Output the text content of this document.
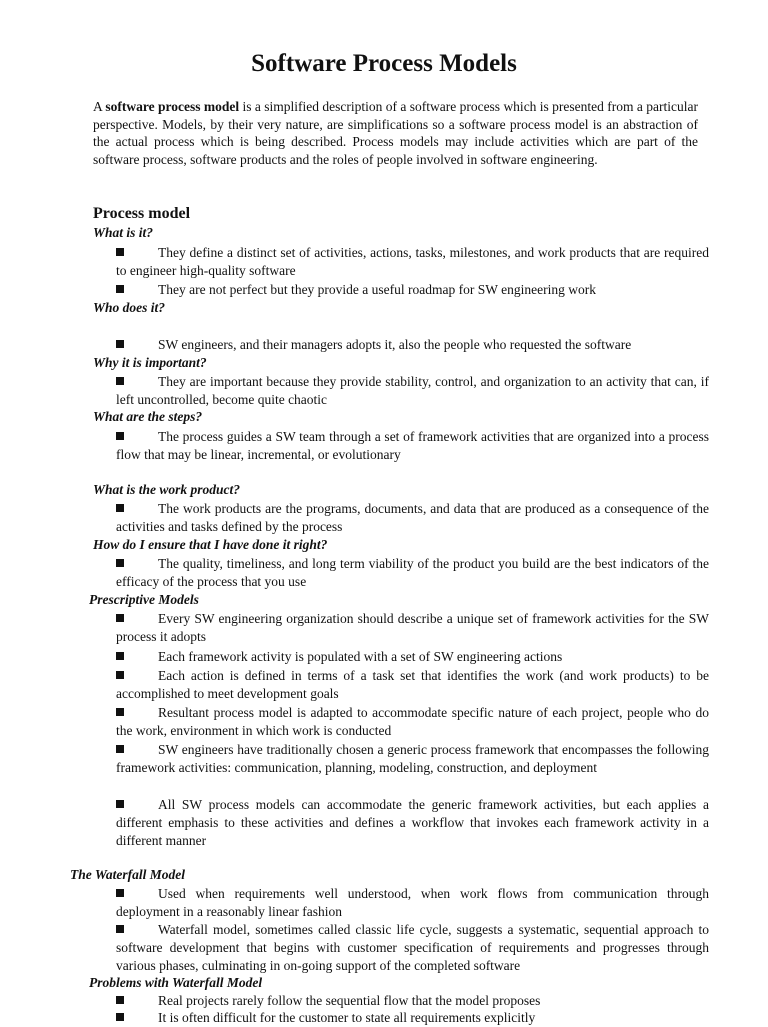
Software Process Models

A software process model is a simplified description of a software process which is presented from a particular perspective. Models, by their very nature, are simplifications so a software process model is an abstraction of the actual process which is being described. Process models may include activities which are part of the software process, software products and the roles of people involved in software engineering.

Process model

What is it?

They define a distinct set of activities, actions, tasks, milestones, and work products that are required to engineer high-quality software

They are not perfect but they provide a useful roadmap for SW engineering work

Who does it?

SW engineers, and their managers adopts it, also the people who requested the software

Why it is important?

They are important because they provide stability, control, and organization to an activity that can, if left uncontrolled, become quite chaotic

What are the steps?

The process guides a SW team through a set of framework activities that are organized into a process flow that may be linear, incremental, or evolutionary

What is the work product?

The work products are the programs, documents, and data that are produced as a consequence of the activities and tasks defined by the process

How do I ensure that I have done it right?

The quality, timeliness, and long term viability of the product you build are the best indicators of the efficacy of the process that you use

Prescriptive Models

Every SW engineering organization should describe a unique set of framework activities for the SW process it adopts

Each framework activity is populated with a set of SW engineering actions

Each action is defined in terms of a task set that identifies the work (and work products) to be accomplished to meet development goals

Resultant process model is adapted to accommodate specific nature of each project, people who do the work, environment in which work is conducted

SW engineers have traditionally chosen a generic process framework that encompasses the following framework activities: communication, planning, modeling, construction, and deployment

All SW process models can accommodate the generic framework activities, but each applies a different emphasis to these activities and defines a workflow that invokes each framework activity in a different manner

The Waterfall Model

Used when requirements well understood, when work flows from communication through deployment in a reasonably linear fashion

Waterfall model, sometimes called classic life cycle, suggests a systematic, sequential approach to software development that begins with customer specification of requirements and progresses through various phases, culminating in on-going support of the completed software

Problems with Waterfall Model

Real projects rarely follow the sequential flow that the model proposes

It is often difficult for the customer to state all requirements explicitly
